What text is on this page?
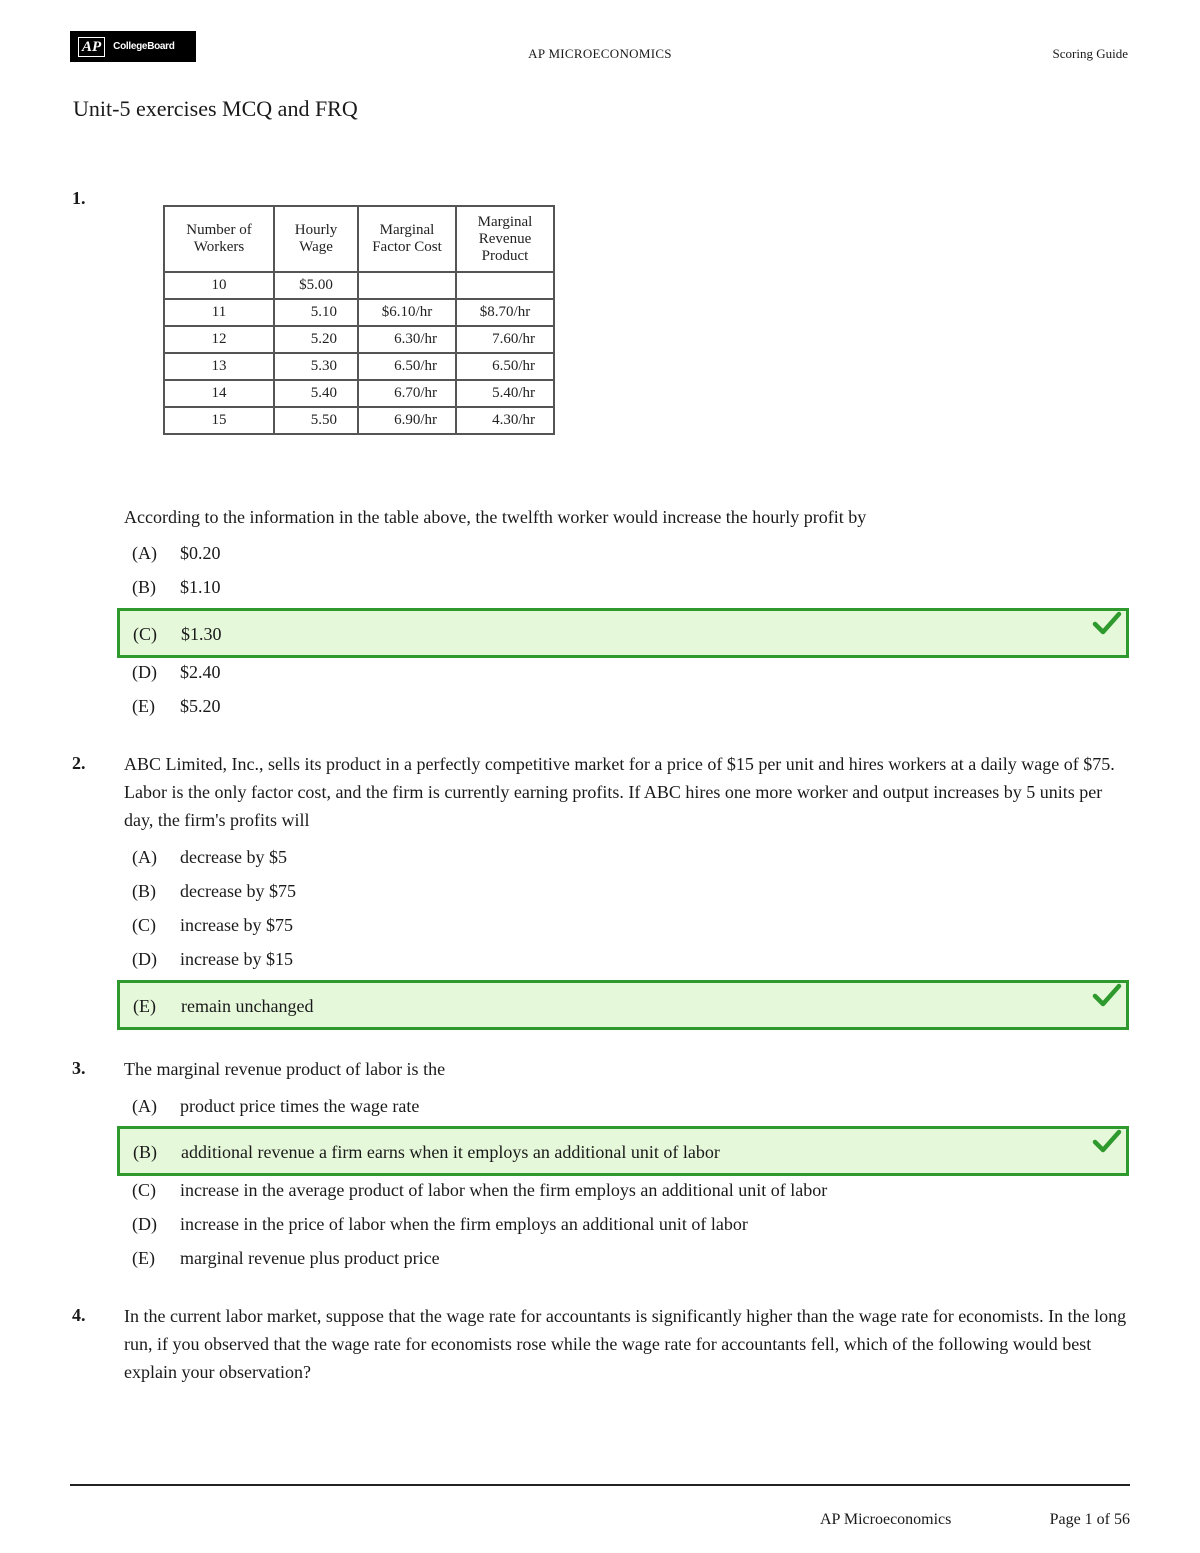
AP	CollegeBoard	AP MICROECONOMICS	Scoring Guide
Unit-5 exercises MCQ and FRQ
1.
Number of Workers	Hourly Wage	Marginal Factor Cost	Marginal Revenue Product
10	$5.00		
11	5.10	$6.10/hr	$8.70/hr
12	5.20	6.30/hr	7.60/hr
13	5.30	6.50/hr	6.50/hr
14	5.40	6.70/hr	5.40/hr
15	5.50	6.90/hr	4.30/hr
According to the information in the table above, the twelfth worker would increase the hourly profit by
(A) $0.20
(B) $1.10
(C) $1.30
(D) $2.40
(E) $5.20
2. ABC Limited, Inc., sells its product in a perfectly competitive market for a price of $15 per unit and hires workers at a daily wage of $75. Labor is the only factor cost, and the firm is currently earning profits. If ABC hires one more worker and output increases by 5 units per day, the firm's profits will
(A) decrease by $5
(B) decrease by $75
(C) increase by $75
(D) increase by $15
(E) remain unchanged
3. The marginal revenue product of labor is the
(A) product price times the wage rate
(B) additional revenue a firm earns when it employs an additional unit of labor
(C) increase in the average product of labor when the firm employs an additional unit of labor
(D) increase in the price of labor when the firm employs an additional unit of labor
(E) marginal revenue plus product price
4. In the current labor market, suppose that the wage rate for accountants is significantly higher than the wage rate for economists. In the long run, if you observed that the wage rate for economists rose while the wage rate for accountants fell, which of the following would best explain your observation?
AP Microeconomics	Page 1 of 56
